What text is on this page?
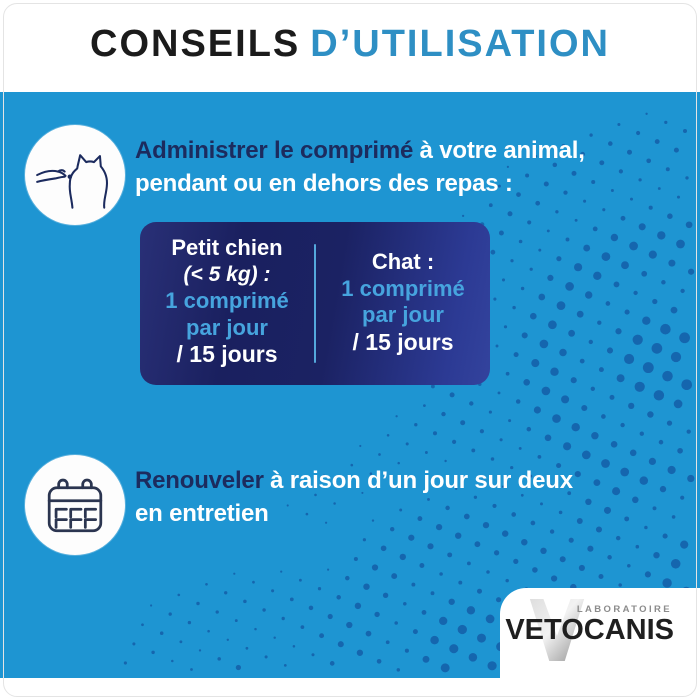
CONSEILS D’UTILISATION

Administrer le comprimé à votre animal,

pendant ou en dehors des repas :

Petit chien
(< 5 kg) :
1 comprimé
par jour
/ 15 jours
Chat :
1 comprimé
par jour
/ 15 jours

Renouveler à raison d’un jour sur deux

en entretien

LABORATOIRE
VETOCANIS
